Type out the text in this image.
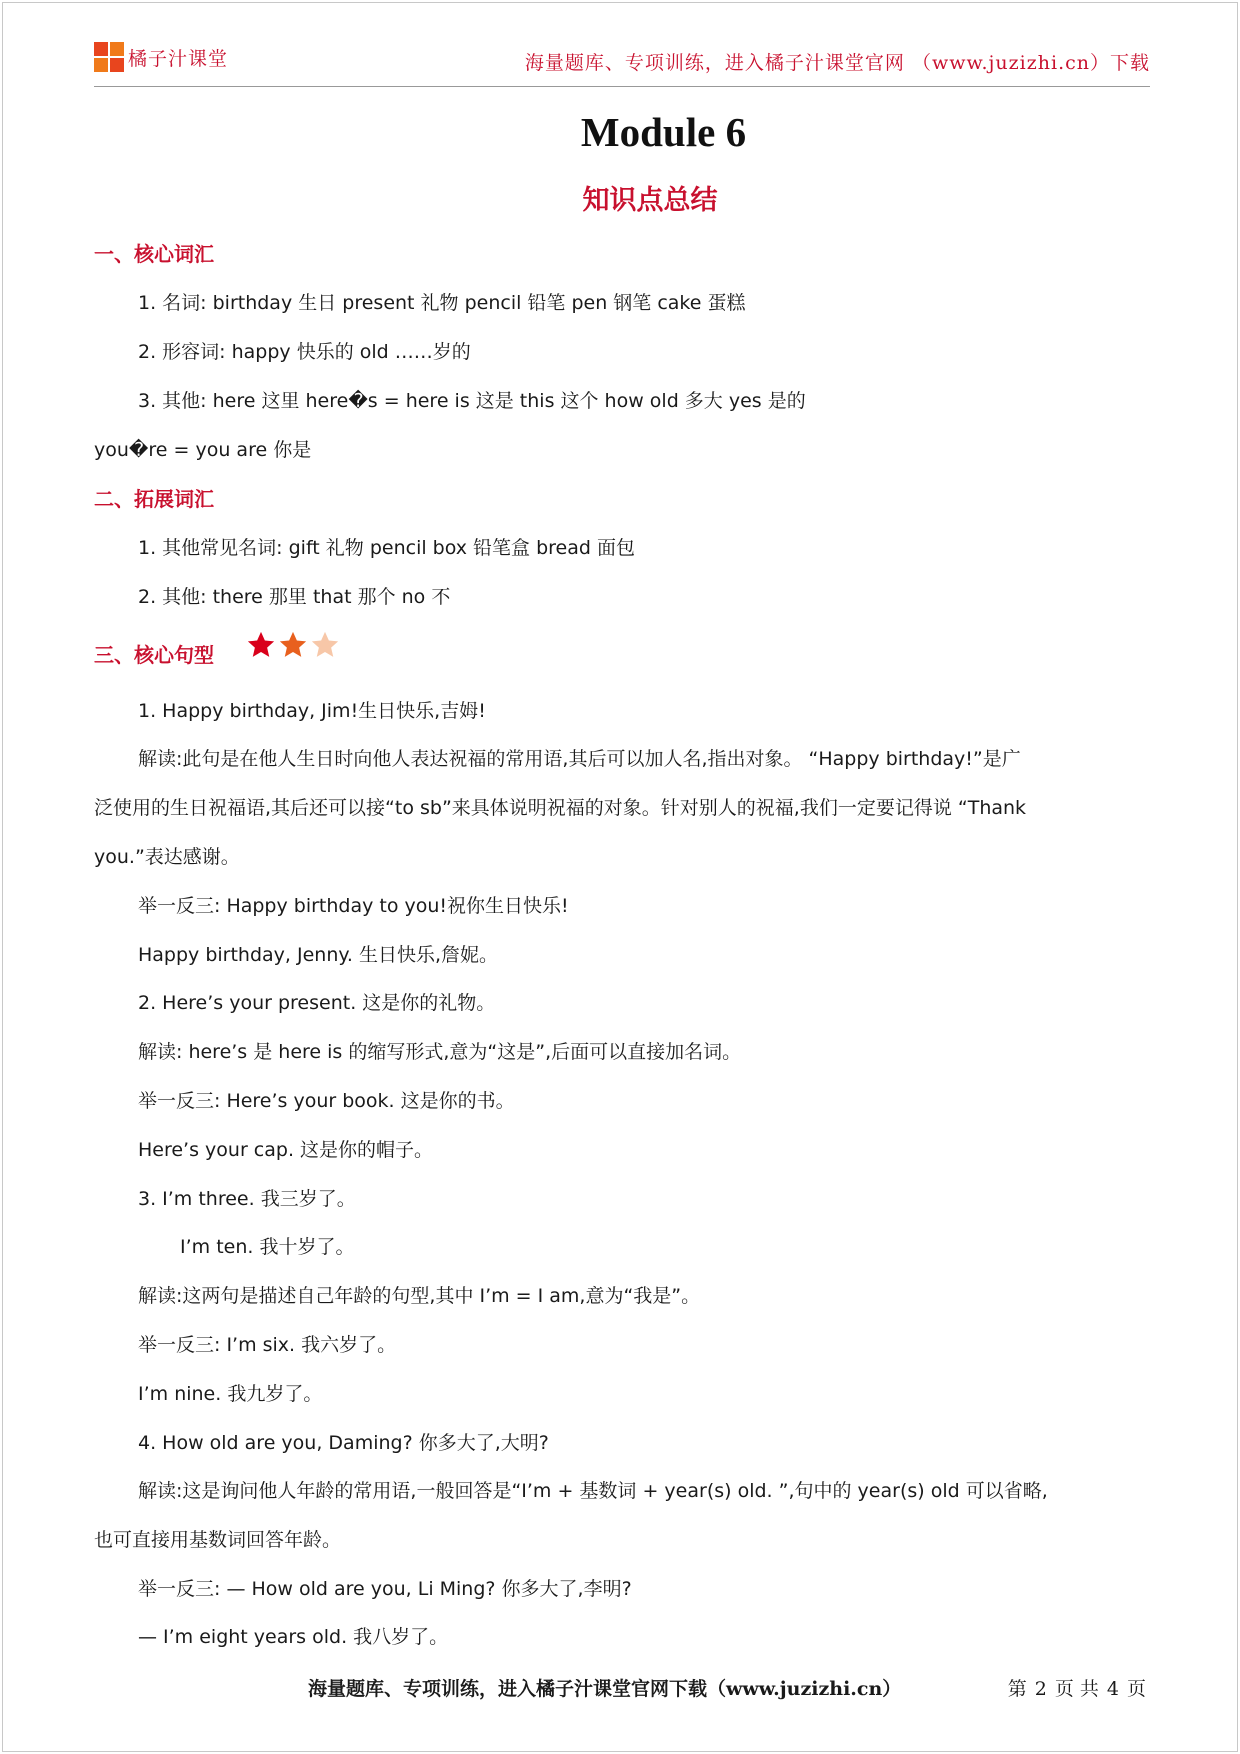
橘子汁课堂	海量题库、专项训练，进入橘子汁课堂官网 （www.juzizhi.cn）下载
Module 6
知识点总结
一、核心词汇
1. 名词: birthday 生日 present 礼物 pencil 铅笔 pen 钢笔 cake 蛋糕
2. 形容词: happy 快乐的 old ……岁的
3. 其他: here 这里 here�s = here is 这是 this 这个 how old 多大 yes 是的
you�re = you are 你是
二、拓展词汇
1. 其他常见名词: gift 礼物 pencil box 铅笔盒 bread 面包
2. 其他: there 那里 that 那个 no 不
三、核心句型
1. Happy birthday, Jim!生日快乐,吉姆!
解读:此句是在他人生日时向他人表达祝福的常用语,其后可以加人名,指出对象。 “Happy birthday!”是广
泛使用的生日祝福语,其后还可以接“to sb”来具体说明祝福的对象。针对别人的祝福,我们一定要记得说 “Thank
you.”表达感谢。
举一反三: Happy birthday to you!祝你生日快乐!
Happy birthday, Jenny. 生日快乐,詹妮。
2. Here’s your present. 这是你的礼物。
解读: here’s 是 here is 的缩写形式,意为“这是”,后面可以直接加名词。
举一反三: Here’s your book. 这是你的书。
Here’s your cap. 这是你的帽子。
3. I’m three. 我三岁了。
I’m ten. 我十岁了。
解读:这两句是描述自己年龄的句型,其中 I’m = I am,意为“我是”。
举一反三: I’m six. 我六岁了。
I’m nine. 我九岁了。
4. How old are you, Daming? 你多大了,大明?
解读:这是询问他人年龄的常用语,一般回答是“I’m + 基数词 + year(s) old. ”,句中的 year(s) old 可以省略,
也可直接用基数词回答年龄。
举一反三: — How old are you, Li Ming? 你多大了,李明?
— I’m eight years old. 我八岁了。
海量题库、专项训练，进入橘子汁课堂官网下载（www.juzizhi.cn）	第 2 页 共 4 页
